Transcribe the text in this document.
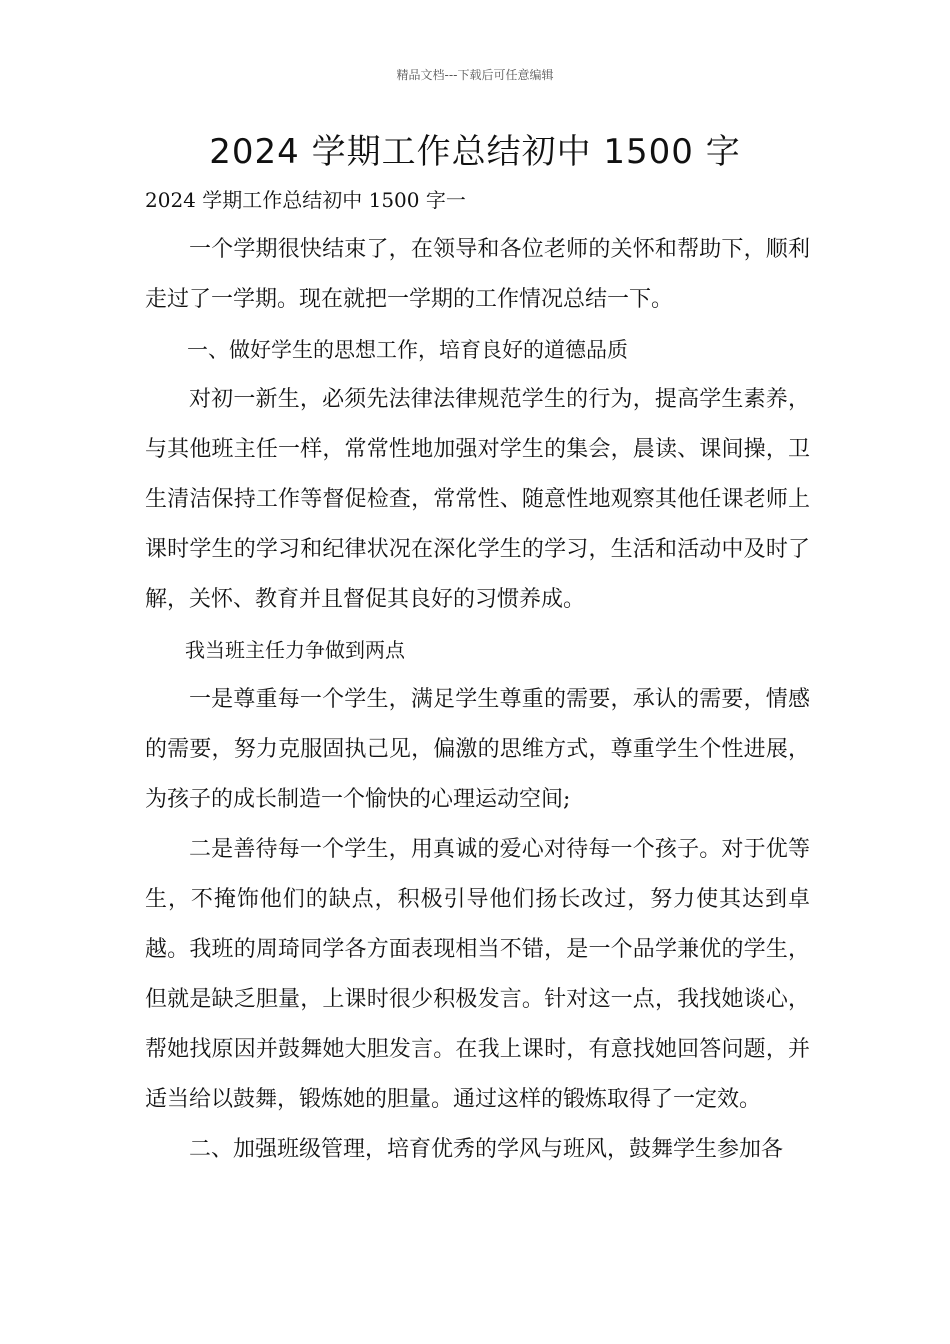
精品文档---下载后可任意编辑
2024 学期工作总结初中 1500 字
2024 学期工作总结初中 1500 字一

一个学期很快结束了，在领导和各位老师的关怀和帮助下，顺利走过了一学期。现在就把一学期的工作情况总结一下。

一、做好学生的思想工作，培育良好的道德品质

对初一新生，必须先法律法律规范学生的行为，提高学生素养，与其他班主任一样，常常性地加强对学生的集会，晨读、课间操，卫生清洁保持工作等督促检查，常常性、随意性地观察其他任课老师上课时学生的学习和纪律状况在深化学生的学习，生活和活动中及时了解，关怀、教育并且督促其良好的习惯养成。

我当班主任力争做到两点

一是尊重每一个学生，满足学生尊重的需要，承认的需要，情感的需要，努力克服固执己见，偏激的思维方式，尊重学生个性进展，为孩子的成长制造一个愉快的心理运动空间;

二是善待每一个学生，用真诚的爱心对待每一个孩子。对于优等生，不掩饰他们的缺点，积极引导他们扬长改过，努力使其达到卓越。我班的周琦同学各方面表现相当不错，是一个品学兼优的学生，但就是缺乏胆量，上课时很少积极发言。针对这一点，我找她谈心，帮她找原因并鼓舞她大胆发言。在我上课时，有意找她回答问题，并适当给以鼓舞，锻炼她的胆量。通过这样的锻炼取得了一定效。

二、加强班级管理，培育优秀的学风与班风，鼓舞学生参加各
